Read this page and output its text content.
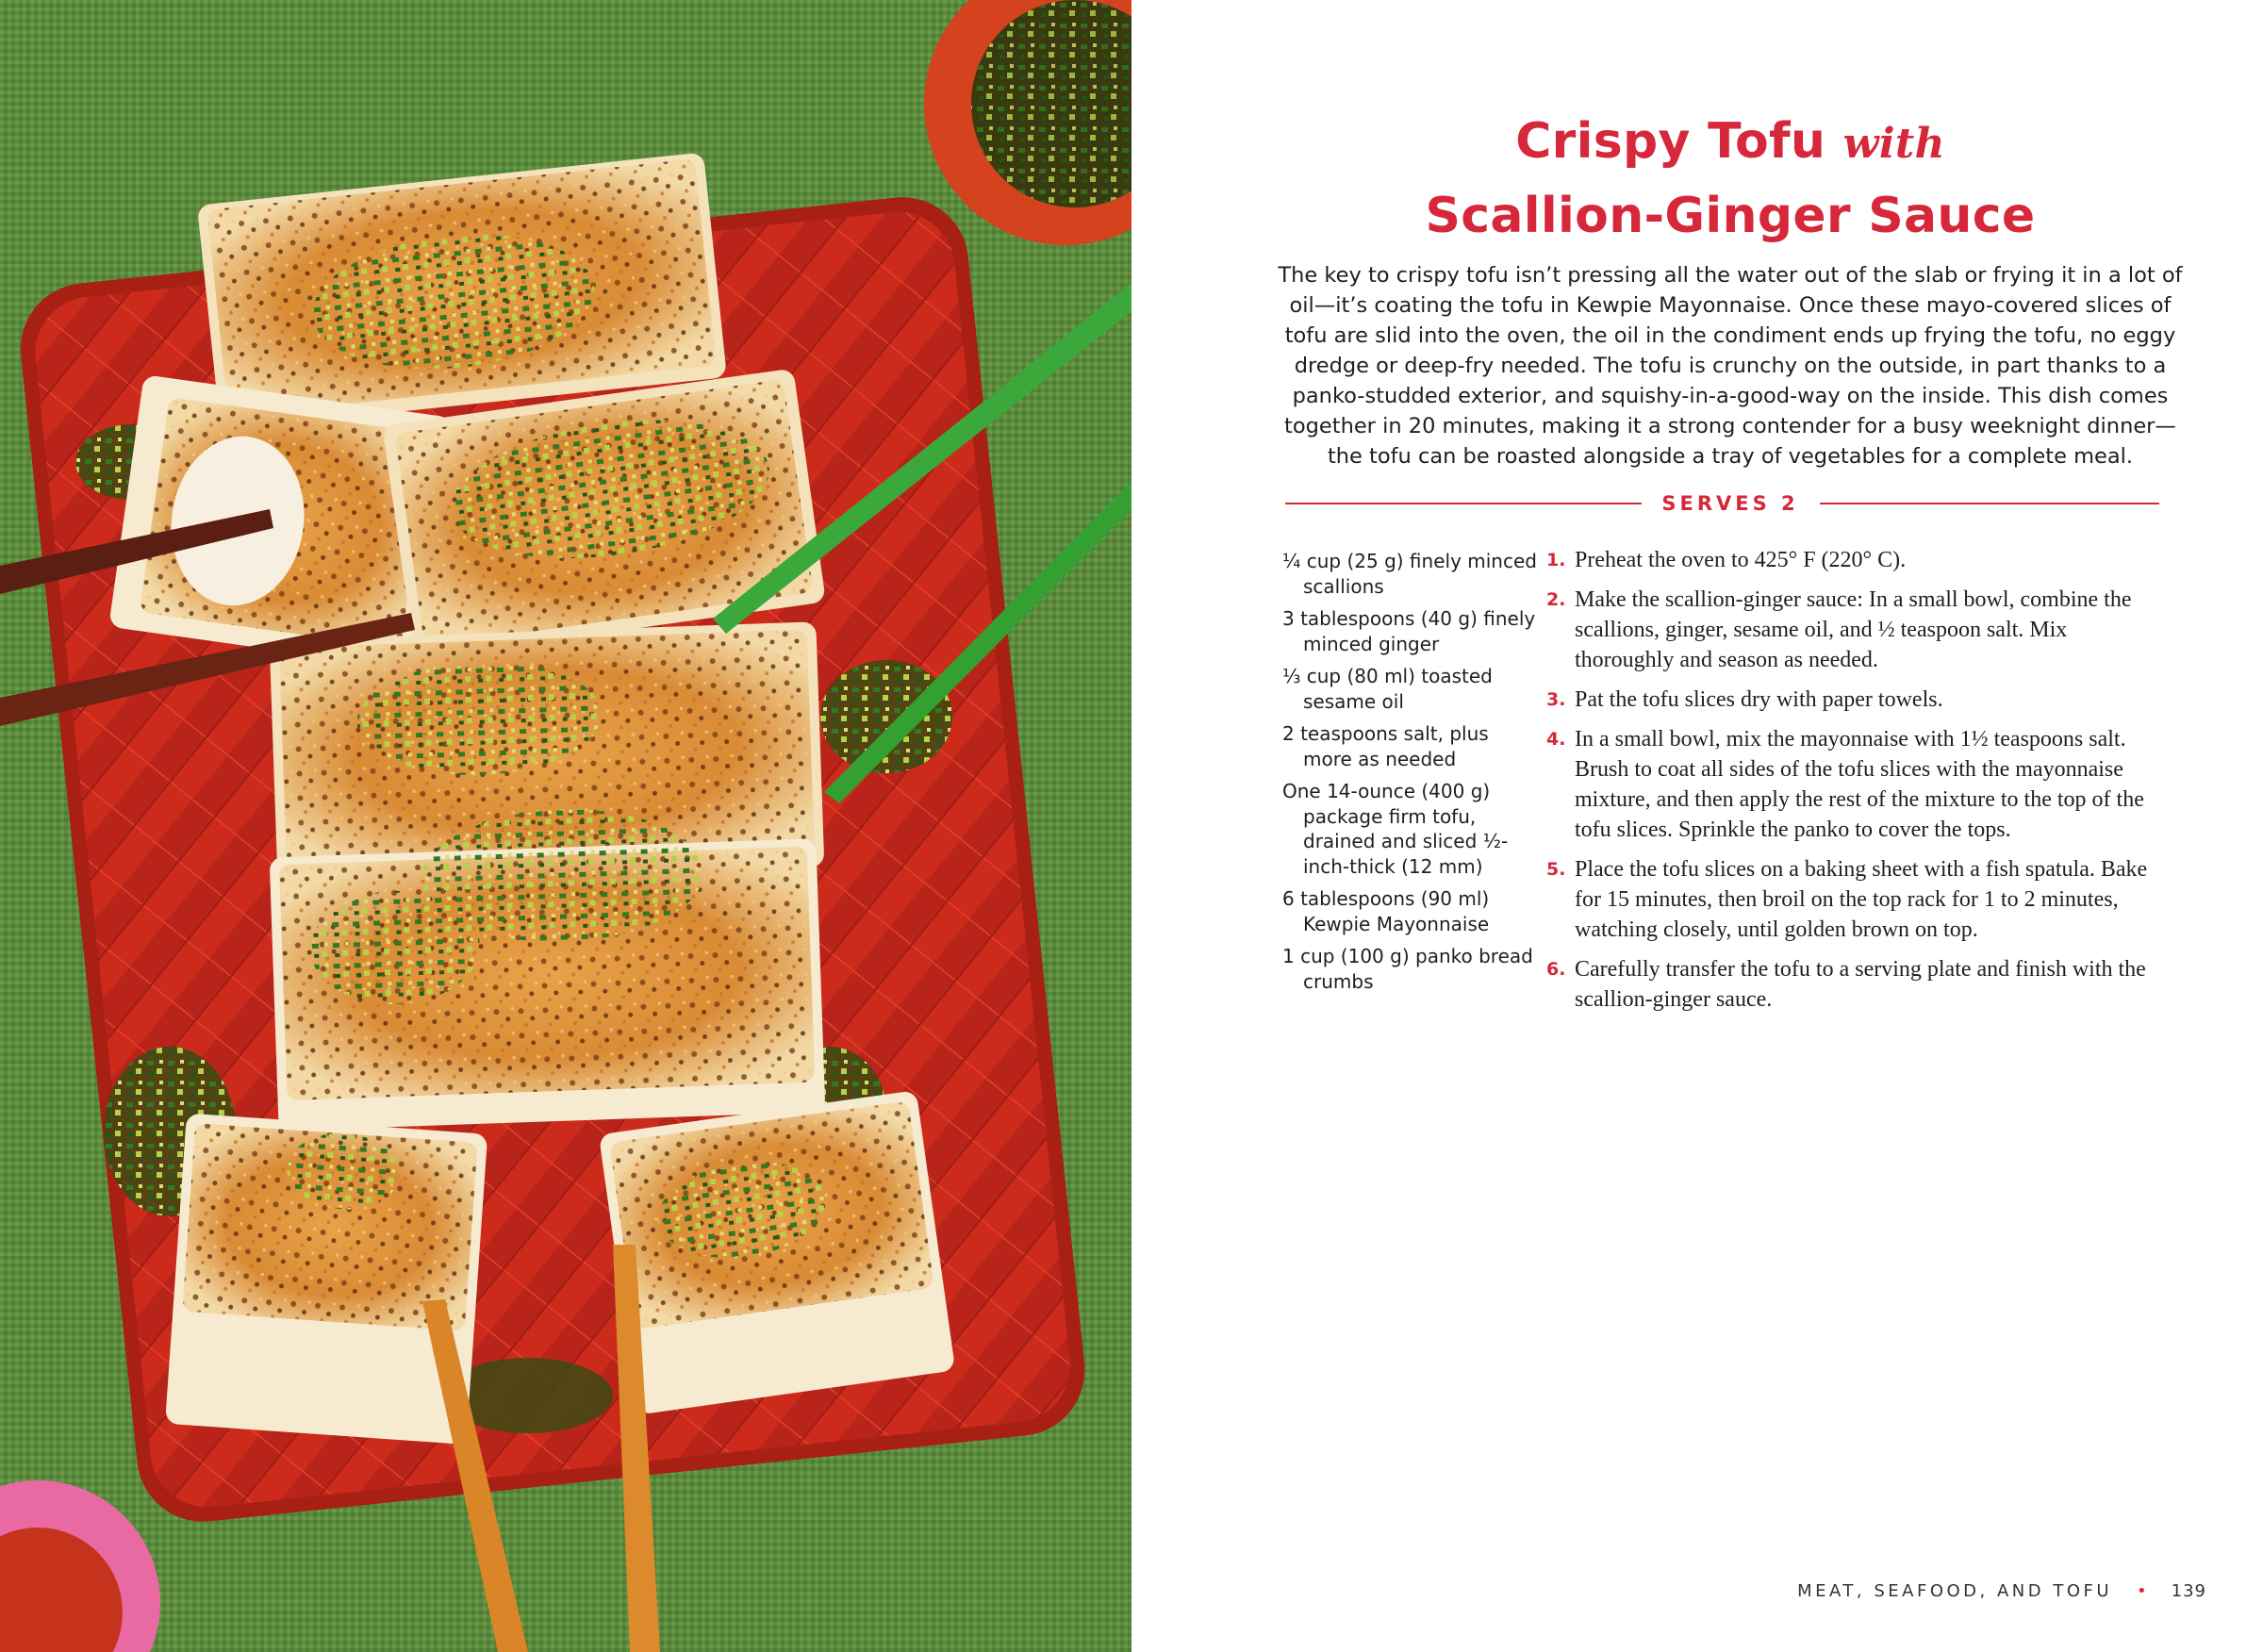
Crispy Tofu with
Scallion-Ginger Sauce

The key to crispy tofu isn’t pressing all the water out of the slab or frying it in a lot of oil—it’s coating the tofu in Kewpie Mayonnaise. Once these mayo-covered slices of tofu are slid into the oven, the oil in the condiment ends up frying the tofu, no eggy dredge or deep-fry needed. The tofu is crunchy on the outside, in part thanks to a panko-studded exterior, and squishy-in-a-good-way on the inside. This dish comes together in 20 minutes, making it a strong contender for a busy weeknight dinner—the tofu can be roasted alongside a tray of vegetables for a complete meal.

SERVES 2
¼ cup (25 g) finely minced scallions
3 tablespoons (40 g) finely minced ginger
⅓ cup (80 ml) toasted sesame oil
2 teaspoons salt, plus more as needed
One 14-ounce (400 g) package firm tofu, drained and sliced ½-inch-thick (12 mm)
6 tablespoons (90 ml) Kewpie Mayonnaise
1 cup (100 g) panko bread crumbs
1. Preheat the oven to 425° F (220° C).
2. Make the scallion-ginger sauce: In a small bowl, combine the scallions, ginger, sesame oil, and ½ teaspoon salt. Mix thoroughly and season as needed.
3. Pat the tofu slices dry with paper towels.
4. In a small bowl, mix the mayonnaise with 1½ teaspoons salt. Brush to coat all sides of the tofu slices with the mayonnaise mixture, and then apply the rest of the mixture to the top of the tofu slices. Sprinkle the panko to cover the tops.
5. Place the tofu slices on a baking sheet with a fish spatula. Bake for 15 minutes, then broil on the top rack for 1 to 2 minutes, watching closely, until golden brown on top.
6. Carefully transfer the tofu to a serving plate and finish with the scallion-ginger sauce.
MEAT, SEAFOOD, AND TOFU • 139
